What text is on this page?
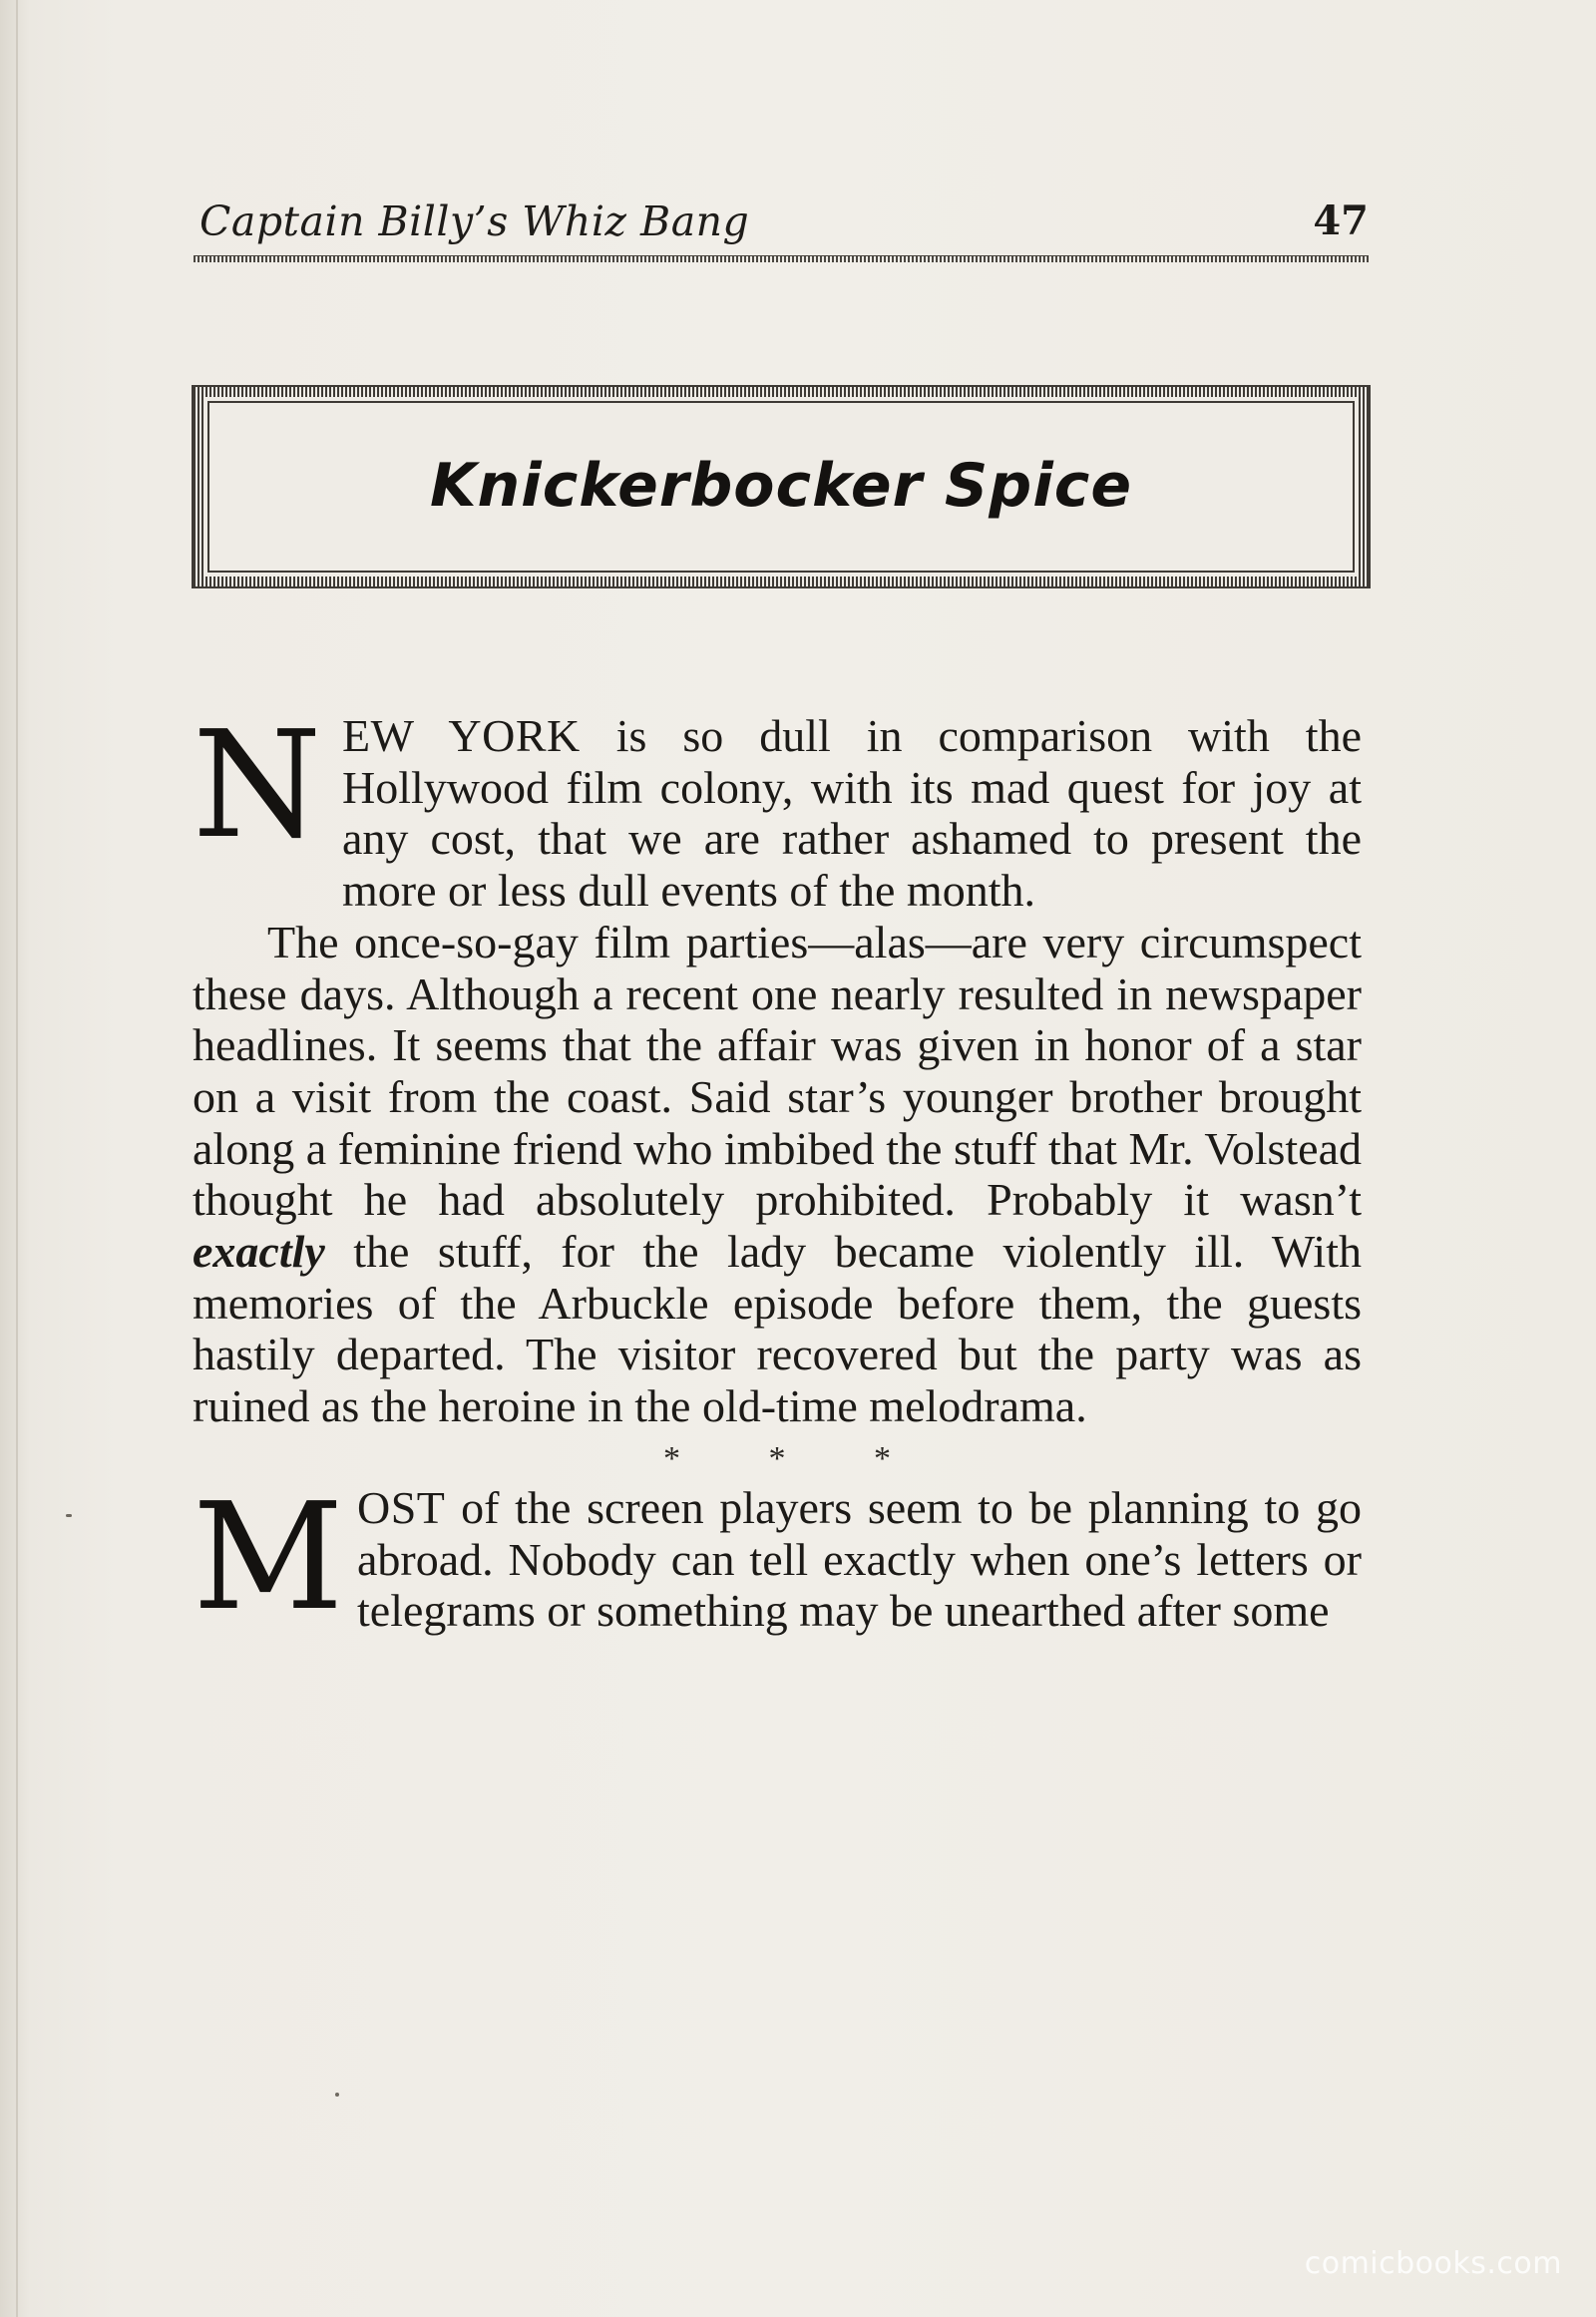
Captain Billy’s Whiz Bang	47
Knickerbocker Spice

NEW YORK is so dull in comparison with the Hollywood film colony, with its mad quest for joy at any cost, that we are rather ashamed to present the more or less dull events of the month.

The once-so-gay film parties—alas—are very circumspect these days. Although a recent one nearly resulted in newspaper headlines. It seems that the affair was given in honor of a star on a visit from the coast. Said star’s younger brother brought along a feminine friend who imbibed the stuff that Mr. Volstead thought he had absolutely prohibited. Probably it wasn’t exactly the stuff, for the lady became violently ill. With memories of the Arbuckle episode before them, the guests hastily departed. The visitor recovered but the party was as ruined as the heroine in the old-time melodrama.

* * *

MOST of the screen players seem to be planning to go abroad. Nobody can tell exactly when one’s letters or telegrams or something may be unearthed after some

comicbooks.com
